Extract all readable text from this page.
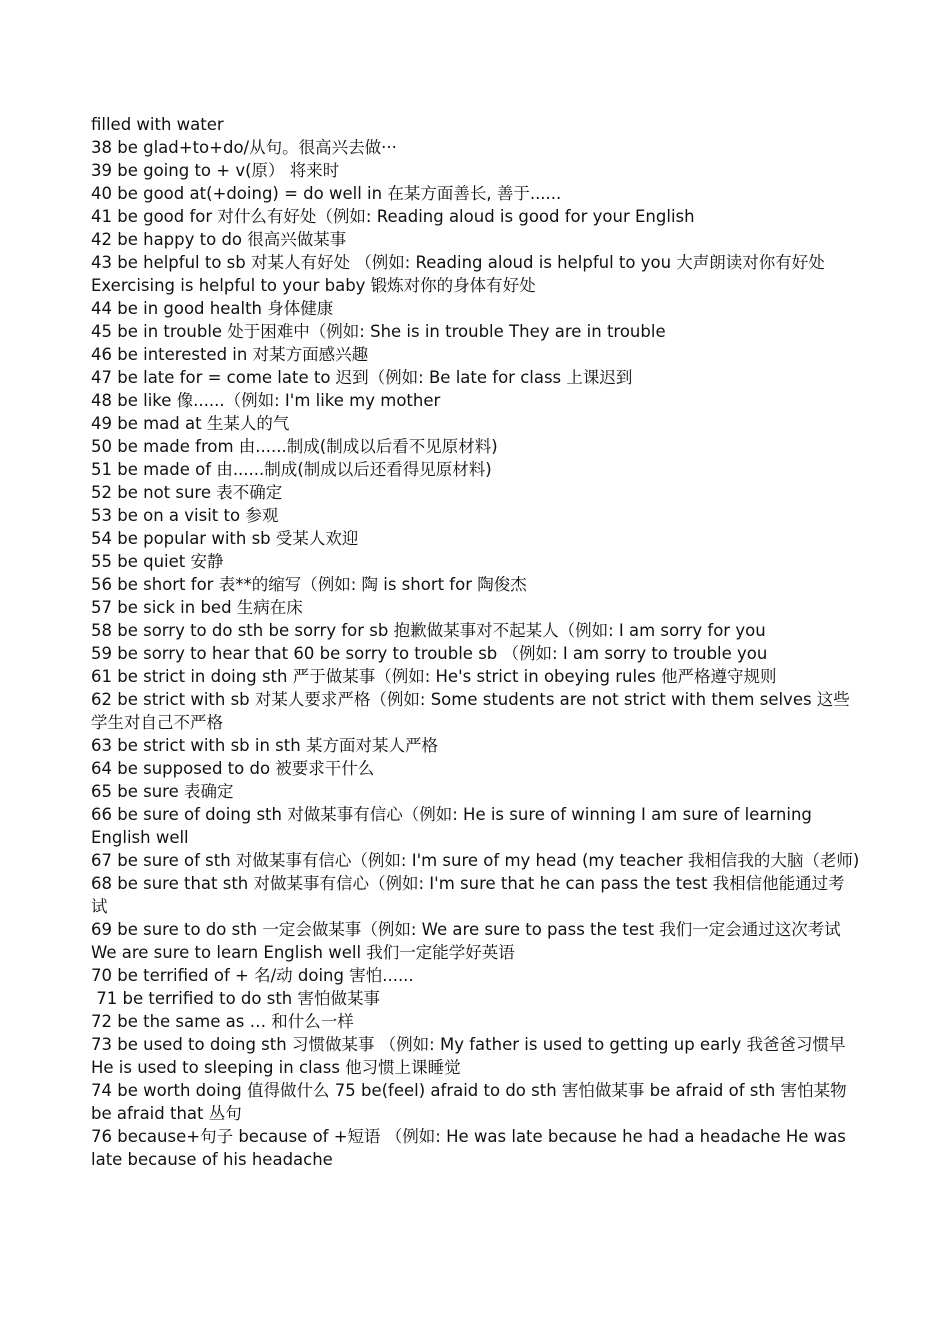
filled with water

38 be glad+to+do/从句。很高兴去做···

39 be going to + v(原） 将来时

40 be good at(+doing) = do well in 在某方面善长, 善于......

41 be good for 对什么有好处（例如: Reading aloud is good for your English

42 be happy to do 很高兴做某事

43 be helpful to sb 对某人有好处 （例如: Reading aloud is helpful to you 大声朗读对你有好处

Exercising is helpful to your baby 锻炼对你的身体有好处

44 be in good health 身体健康

45 be in trouble 处于困难中（例如: She is in trouble They are in trouble

46 be interested in 对某方面感兴趣

47 be late for = come late to 迟到（例如: Be late for class 上课迟到

48 be like 像......（例如: I'm like my mother

49 be mad at 生某人的气

50 be made from 由......制成(制成以后看不见原材料)

51 be made of 由......制成(制成以后还看得见原材料)

52 be not sure 表不确定

53 be on a visit to 参观

54 be popular with sb 受某人欢迎

55 be quiet 安静

56 be short for 表**的缩写（例如: 陶 is short for 陶俊杰

57 be sick in bed 生病在床

58 be sorry to do sth be sorry for sb 抱歉做某事对不起某人（例如: I am sorry for you

59 be sorry to hear that 60 be sorry to trouble sb （例如: I am sorry to trouble you

61 be strict in doing sth 严于做某事（例如: He's strict in obeying rules 他严格遵守规则

62 be strict with sb 对某人要求严格（例如: Some students are not strict with them selves 这些学生对自己不严格

63 be strict with sb in sth 某方面对某人严格

64 be supposed to do 被要求干什么

65 be sure 表确定

66 be sure of doing sth 对做某事有信心（例如: He is sure of winning I am sure of learning English well

67 be sure of sth 对做某事有信心（例如: I'm sure of my head (my teacher 我相信我的大脑（老师)

68 be sure that sth 对做某事有信心（例如: I'm sure that he can pass the test 我相信他能通过考试

69 be sure to do sth 一定会做某事（例如: We are sure to pass the test 我们一定会通过这次考试 We are sure to learn English well 我们一定能学好英语

70 be terrified of + 名/动 doing 害怕......

71 be terrified to do sth 害怕做某事

72 be the same as … 和什么一样

73 be used to doing sth 习惯做某事 （例如: My father is used to getting up early 我爸爸习惯早 He is used to sleeping in class 他习惯上课睡觉

74 be worth doing 值得做什么 75 be(feel) afraid to do sth 害怕做某事 be afraid of sth 害怕某物 be afraid that 丛句

76 because+句子 because of +短语 （例如: He was late because he had a headache He was late because of his headache
